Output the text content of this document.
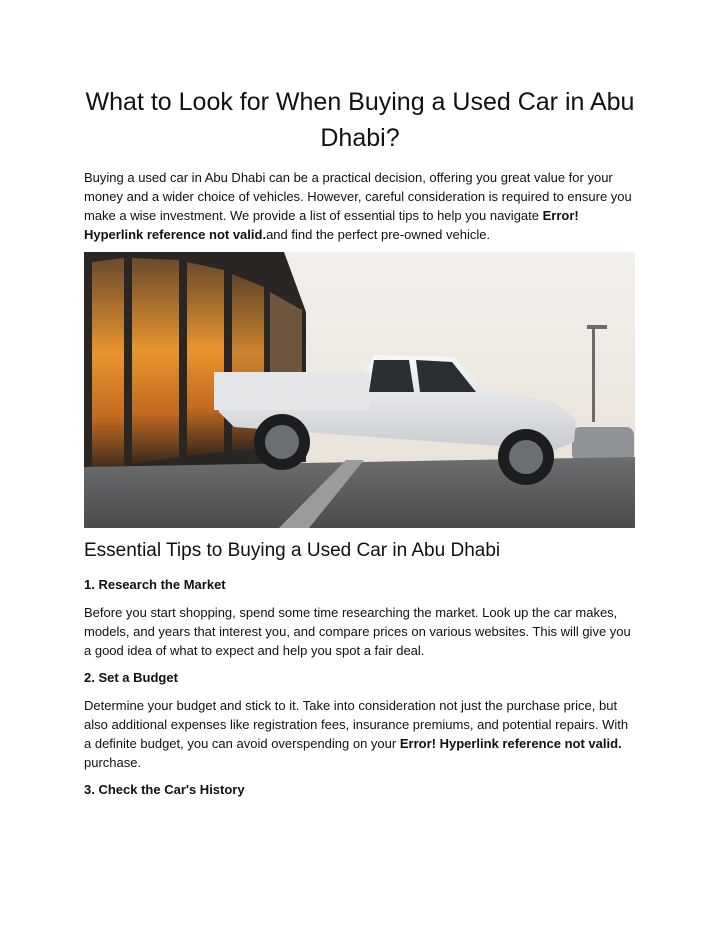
What to Look for When Buying a Used Car in Abu Dhabi?

Buying a used car in Abu Dhabi can be a practical decision, offering you great value for your money and a wider choice of vehicles. However, careful consideration is required to ensure you make a wise investment. We provide a list of essential tips to help you navigate Error! Hyperlink reference not valid.and find the perfect pre-owned vehicle.

Essential Tips to Buying a Used Car in Abu Dhabi
1. Research the Market

Before you start shopping, spend some time researching the market. Look up the car makes, models, and years that interest you, and compare prices on various websites. This will give you a good idea of what to expect and help you spot a fair deal.

2. Set a Budget

Determine your budget and stick to it. Take into consideration not just the purchase price, but also additional expenses like registration fees, insurance premiums, and potential repairs. With a definite budget, you can avoid overspending on your Error! Hyperlink reference not valid. purchase.

3. Check the Car's History
